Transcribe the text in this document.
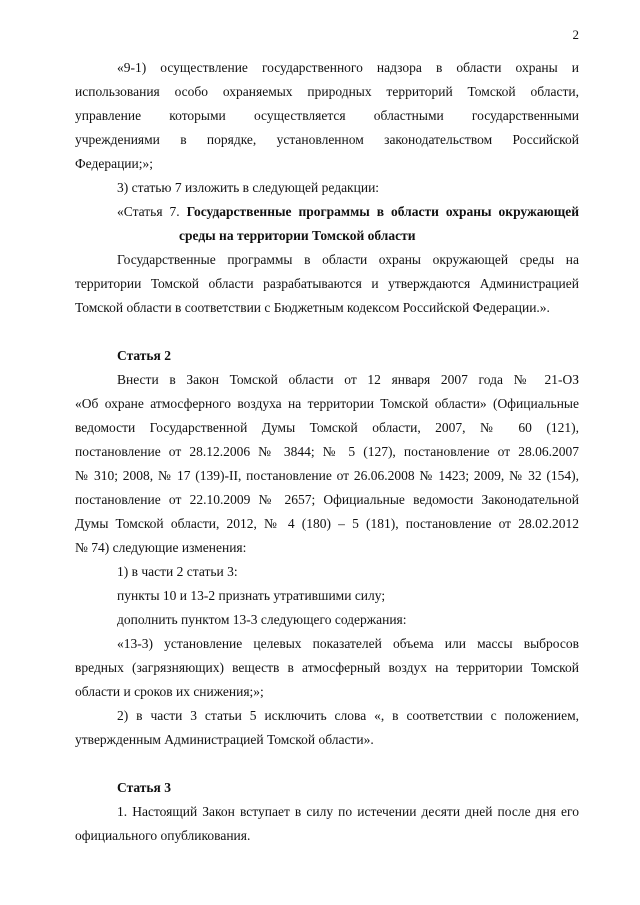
2

«9-1) осуществление государственного надзора в области охраны и

использования особо охраняемых природных территорий Томской области,

управление которыми осуществляется областными государственными

учреждениями в порядке, установленном законодательством Российской

Федерации;»;

3) статью 7 изложить в следующей редакции:

«Статья 7. Государственные программы в области охраны окружающей

среды на территории Томской области

Государственные программы в области охраны окружающей среды на

территории Томской области разрабатываются и утверждаются Администрацией

Томской области в соответствии с Бюджетным кодексом Российской Федерации.».

Статья 2

Внести в Закон Томской области от 12 января 2007 года № 21-ОЗ

«Об охране атмосферного воздуха на территории Томской области» (Официальные

ведомости Государственной Думы Томской области, 2007, № 60 (121),

постановление от 28.12.2006 № 3844; № 5 (127), постановление от 28.06.2007

№ 310; 2008, № 17 (139)-II, постановление от 26.06.2008 № 1423; 2009, № 32 (154),

постановление от 22.10.2009 № 2657; Официальные ведомости Законодательной

Думы Томской области, 2012, № 4 (180) – 5 (181), постановление от 28.02.2012

№ 74) следующие изменения:

1) в части 2 статьи 3:

пункты 10 и 13-2 признать утратившими силу;

дополнить пунктом 13-3 следующего содержания:

«13-3) установление целевых показателей объема или массы выбросов

вредных (загрязняющих) веществ в атмосферный воздух на территории Томской

области и сроков их снижения;»;

2) в части 3 статьи 5 исключить слова «, в соответствии с положением,

утвержденным Администрацией Томской области».

Статья 3

1. Настоящий Закон вступает в силу по истечении десяти дней после дня его

официального опубликования.
